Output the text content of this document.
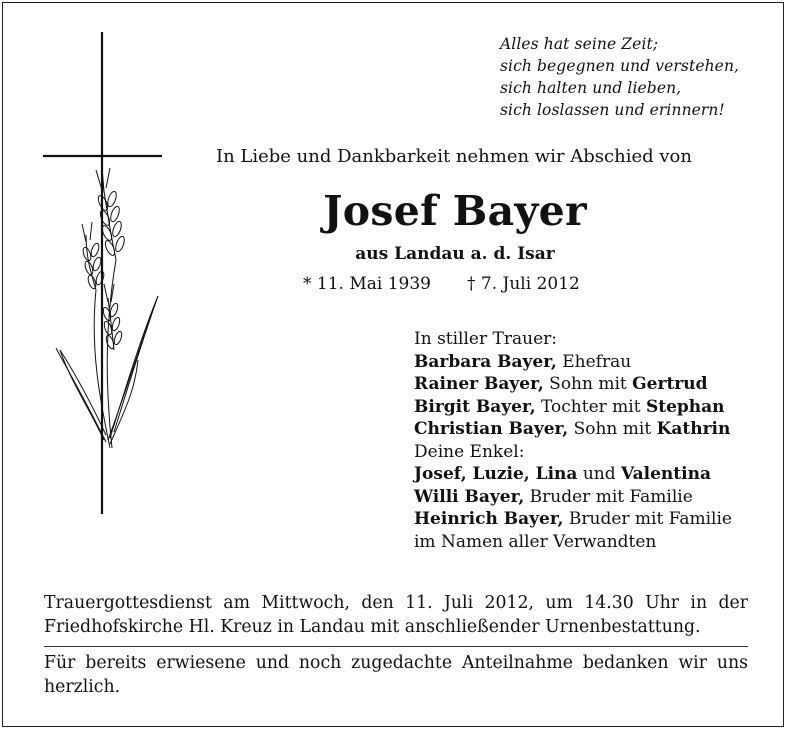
Alles hat seine Zeit;
sich begegnen und verstehen,
sich halten und lieben,
sich loslassen und erinnern!
In Liebe und Dankbarkeit nehmen wir Abschied von
Josef Bayer
aus Landau a. d. Isar
* 11. Mai 1939 † 7. Juli 2012
In stiller Trauer:
Barbara Bayer, Ehefrau
Rainer Bayer, Sohn mit Gertrud
Birgit Bayer, Tochter mit Stephan
Christian Bayer, Sohn mit Kathrin
Deine Enkel:
Josef, Luzie, Lina und Valentina
Willi Bayer, Bruder mit Familie
Heinrich Bayer, Bruder mit Familie
im Namen aller Verwandten
Trauergottesdienst am Mittwoch, den 11. Juli 2012, um 14.30 Uhr in der
Friedhofskirche Hl. Kreuz in Landau mit anschließender Urnenbestattung.
Für bereits erwiesene und noch zugedachte Anteilnahme bedanken wir uns
herzlich.
